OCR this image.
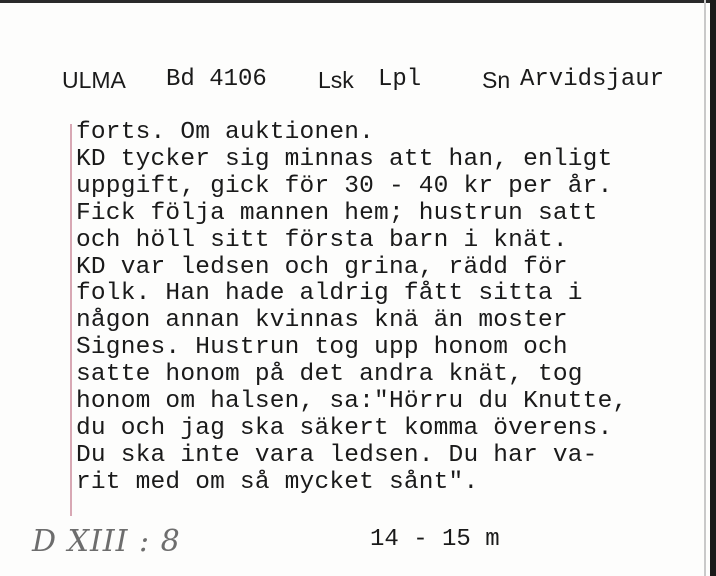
ULMA Bd 4106 Lsk Lpl	Sn Arvidsjaur
forts. Om auktionen.
KD tycker sig minnas att han, enligt
uppgift, gick för 30 - 40 kr per år.
Fick följa mannen hem; hustrun satt
och höll sitt första barn i knät.
KD var ledsen och grina, rädd för
folk. Han hade aldrig fått sitta i
någon annan kvinnas knä än moster
Signes. Hustrun tog upp honom och
satte honom på det andra knät, tog
honom om halsen, sa:"Hörru du Knutte,
du och jag ska säkert komma överens.
Du ska inte vara ledsen. Du har va-
rit med om så mycket sånt".
D XIII : 8	14 - 15 m
